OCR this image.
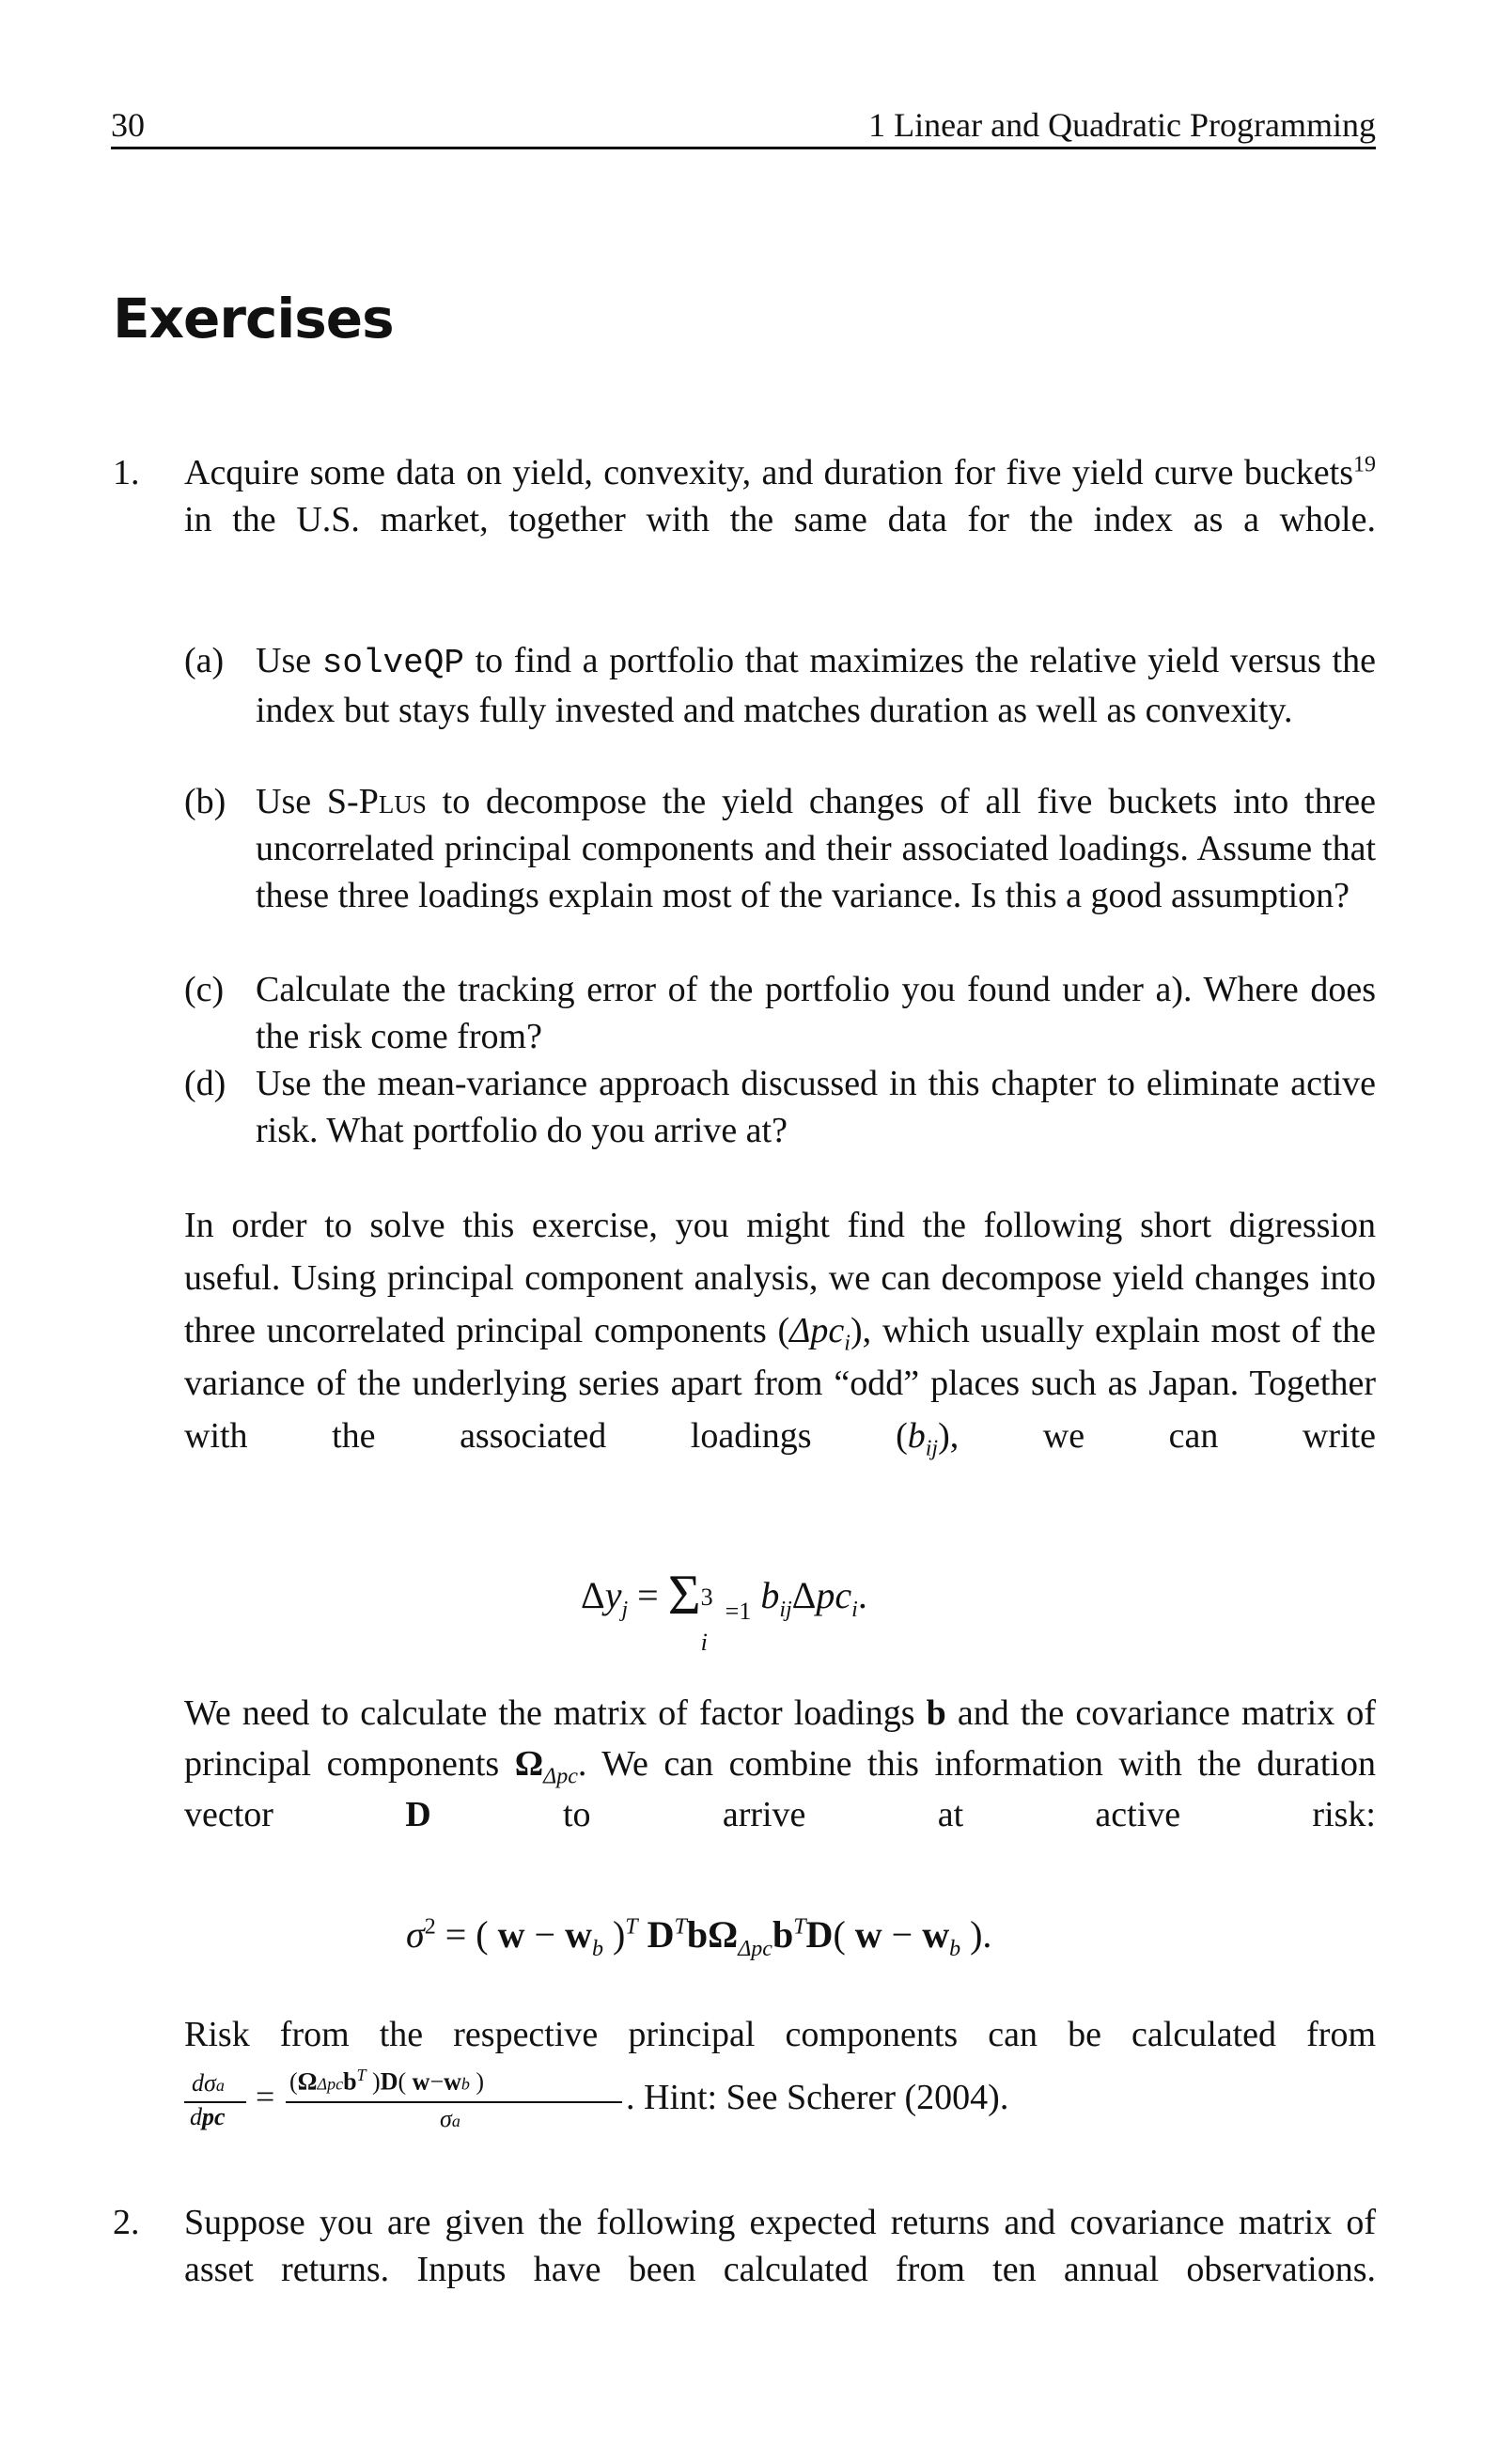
30	1 Linear and Quadratic Programming
Exercises
1. Acquire some data on yield, convexity, and duration for five yield curve buckets$^{19}$ in the U.S. market, together with the same data for the index as a whole.

(a) Use solveQP to find a portfolio that maximizes the relative yield versus the index but stays fully invested and matches duration as well as convexity.

(b) Use S-Plus to decompose the yield changes of all five buckets into three uncorrelated principal components and their associated loadings. Assume that these three loadings explain most of the variance. Is this a good assumption?

(c) Calculate the tracking error of the portfolio you found under a). Where does the risk come from?

(d) Use the mean-variance approach discussed in this chapter to eliminate active risk. What portfolio do you arrive at?

In order to solve this exercise, you might find the following short digression useful. Using principal component analysis, we can decompose yield changes into three uncorrelated principal components (Δpc$_i$), which usually explain most of the variance of the underlying series apart from “odd” places such as Japan. Together with the associated loadings $(b_{ij})$, we can write

$\Delta y_j = \Sigma$ 3
i
$_{=1}$ $b_{ij}\Delta pc_i$.

We need to calculate the matrix of factor loadings b and the covariance matrix of principal components $\Omega_{\Delta pc}$. We can combine this information with the duration vector D to arrive at active risk:

$\sigma^2$ = ( $w - w_b$ )$^T$ $D^Tb\Omega_{\Delta pc}b^TD$( $w - w_b$ ).

Risk from the respective principal components can be calculated from

dσa
dpc
= (ΩΔpcb$^T$ )D( w−wb )
σa
. Hint: See Scherer (2004).
2. Suppose you are given the following expected returns and covariance matrix of asset returns. Inputs have been calculated from ten annual observations.
